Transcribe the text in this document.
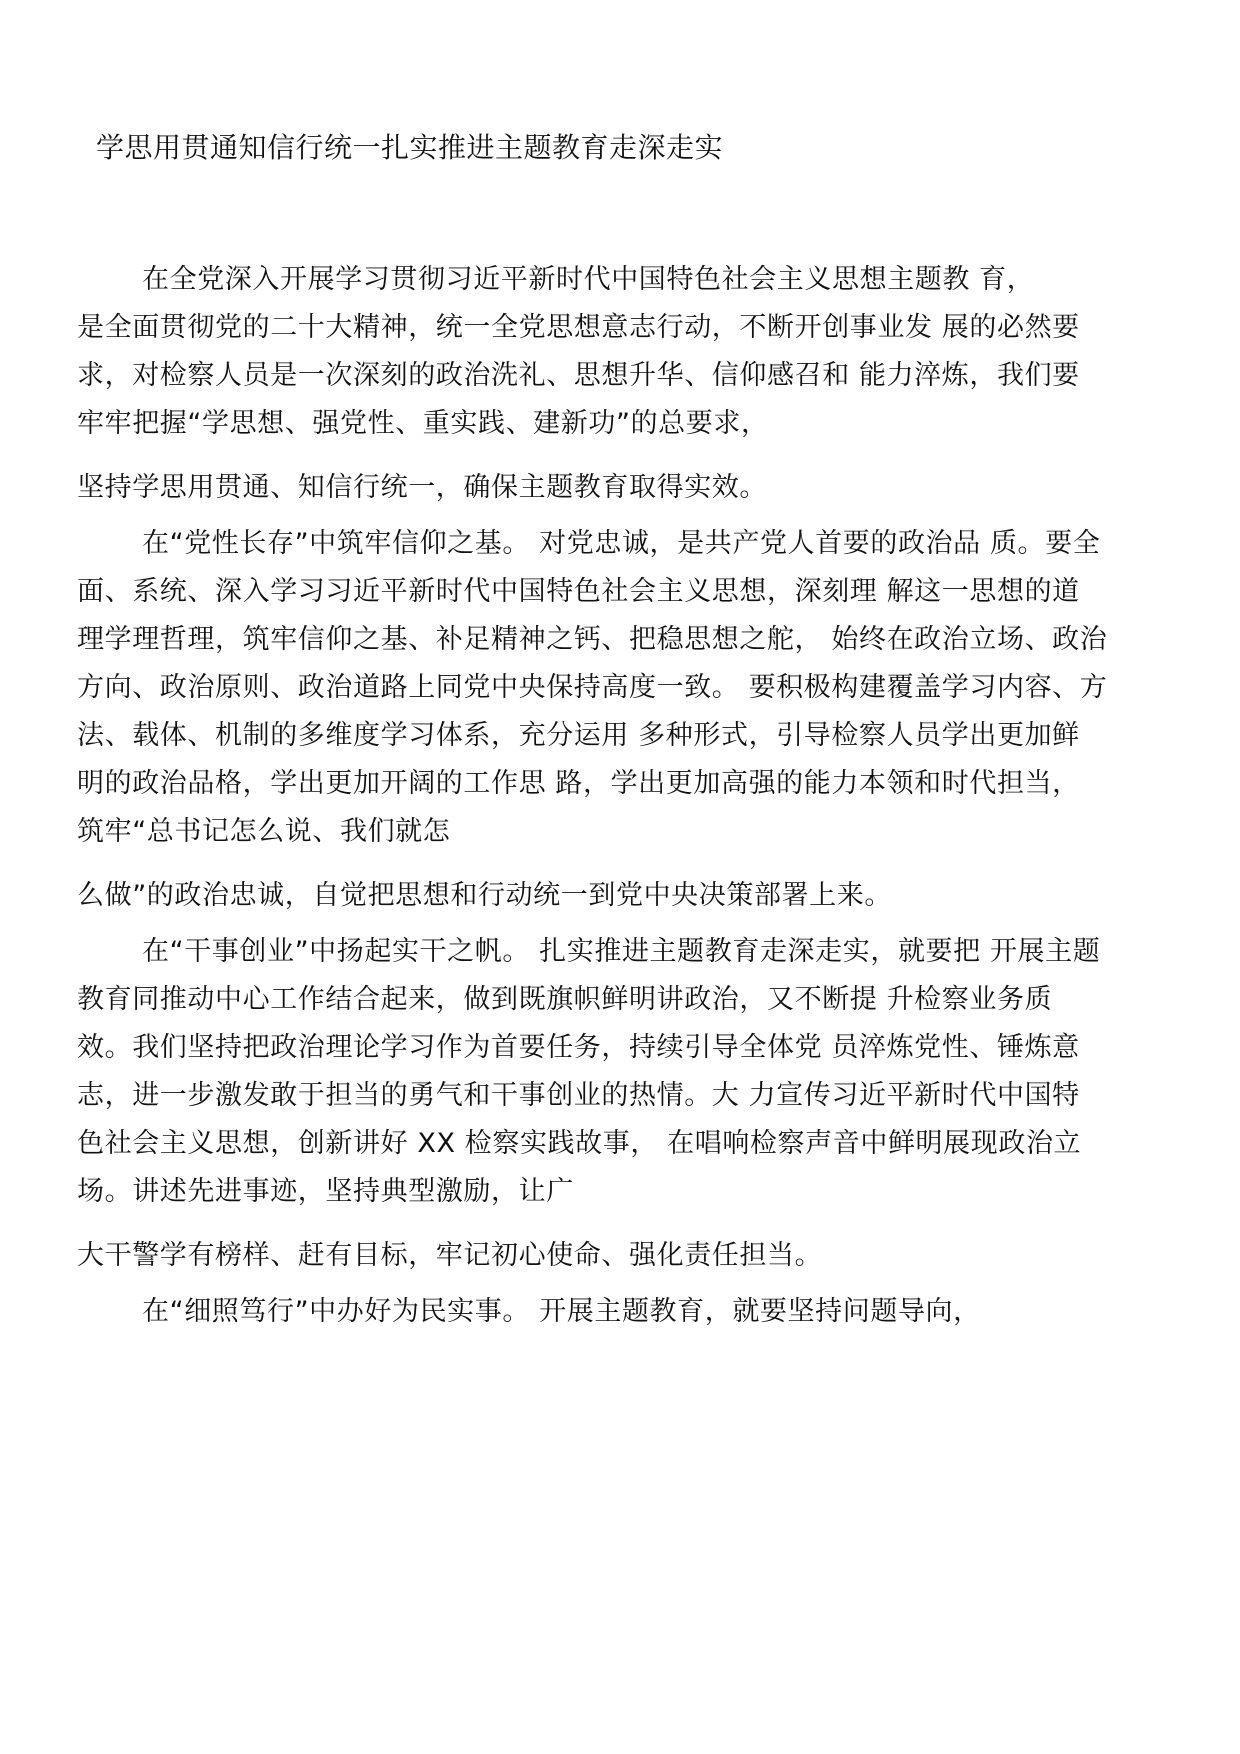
学思用贯通知信行统一扎实推进主题教育走深走实
在全党深入开展学习贯彻习近平新时代中国特色社会主义思想主题教 育，
是全面贯彻党的二十大精神，统一全党思想意志行动，不断开创事业发 展的必然要
求，对检察人员是一次深刻的政治洗礼、思想升华、信仰感召和 能力淬炼，我们要
牢牢把握“学思想、强党性、重实践、建新功”的总要求，
坚持学思用贯通、知信行统一，确保主题教育取得实效。
在“党性长存”中筑牢信仰之基。 对党忠诚，是共产党人首要的政治品 质。要全
面、系统、深入学习习近平新时代中国特色社会主义思想，深刻理 解这一思想的道
理学理哲理，筑牢信仰之基、补足精神之钙、把稳思想之舵， 始终在政治立场、政治
方向、政治原则、政治道路上同党中央保持高度一致。 要积极构建覆盖学习内容、方
法、载体、机制的多维度学习体系，充分运用 多种形式，引导检察人员学出更加鲜
明的政治品格，学出更加开阔的工作思 路，学出更加高强的能力本领和时代担当，
筑牢“总书记怎么说、我们就怎
么做”的政治忠诚，自觉把思想和行动统一到党中央决策部署上来。
在“干事创业”中扬起实干之帆。 扎实推进主题教育走深走实，就要把 开展主题
教育同推动中心工作结合起来，做到既旗帜鲜明讲政治，又不断提 升检察业务质
效。我们坚持把政治理论学习作为首要任务，持续引导全体党 员淬炼党性、锤炼意
志，进一步激发敢于担当的勇气和干事创业的热情。大 力宣传习近平新时代中国特
色社会主义思想，创新讲好 XX 检察实践故事， 在唱响检察声音中鲜明展现政治立
场。讲述先进事迹，坚持典型激励，让广
大干警学有榜样、赶有目标，牢记初心使命、强化责任担当。
在“细照笃行”中办好为民实事。 开展主题教育，就要坚持问题导向，
